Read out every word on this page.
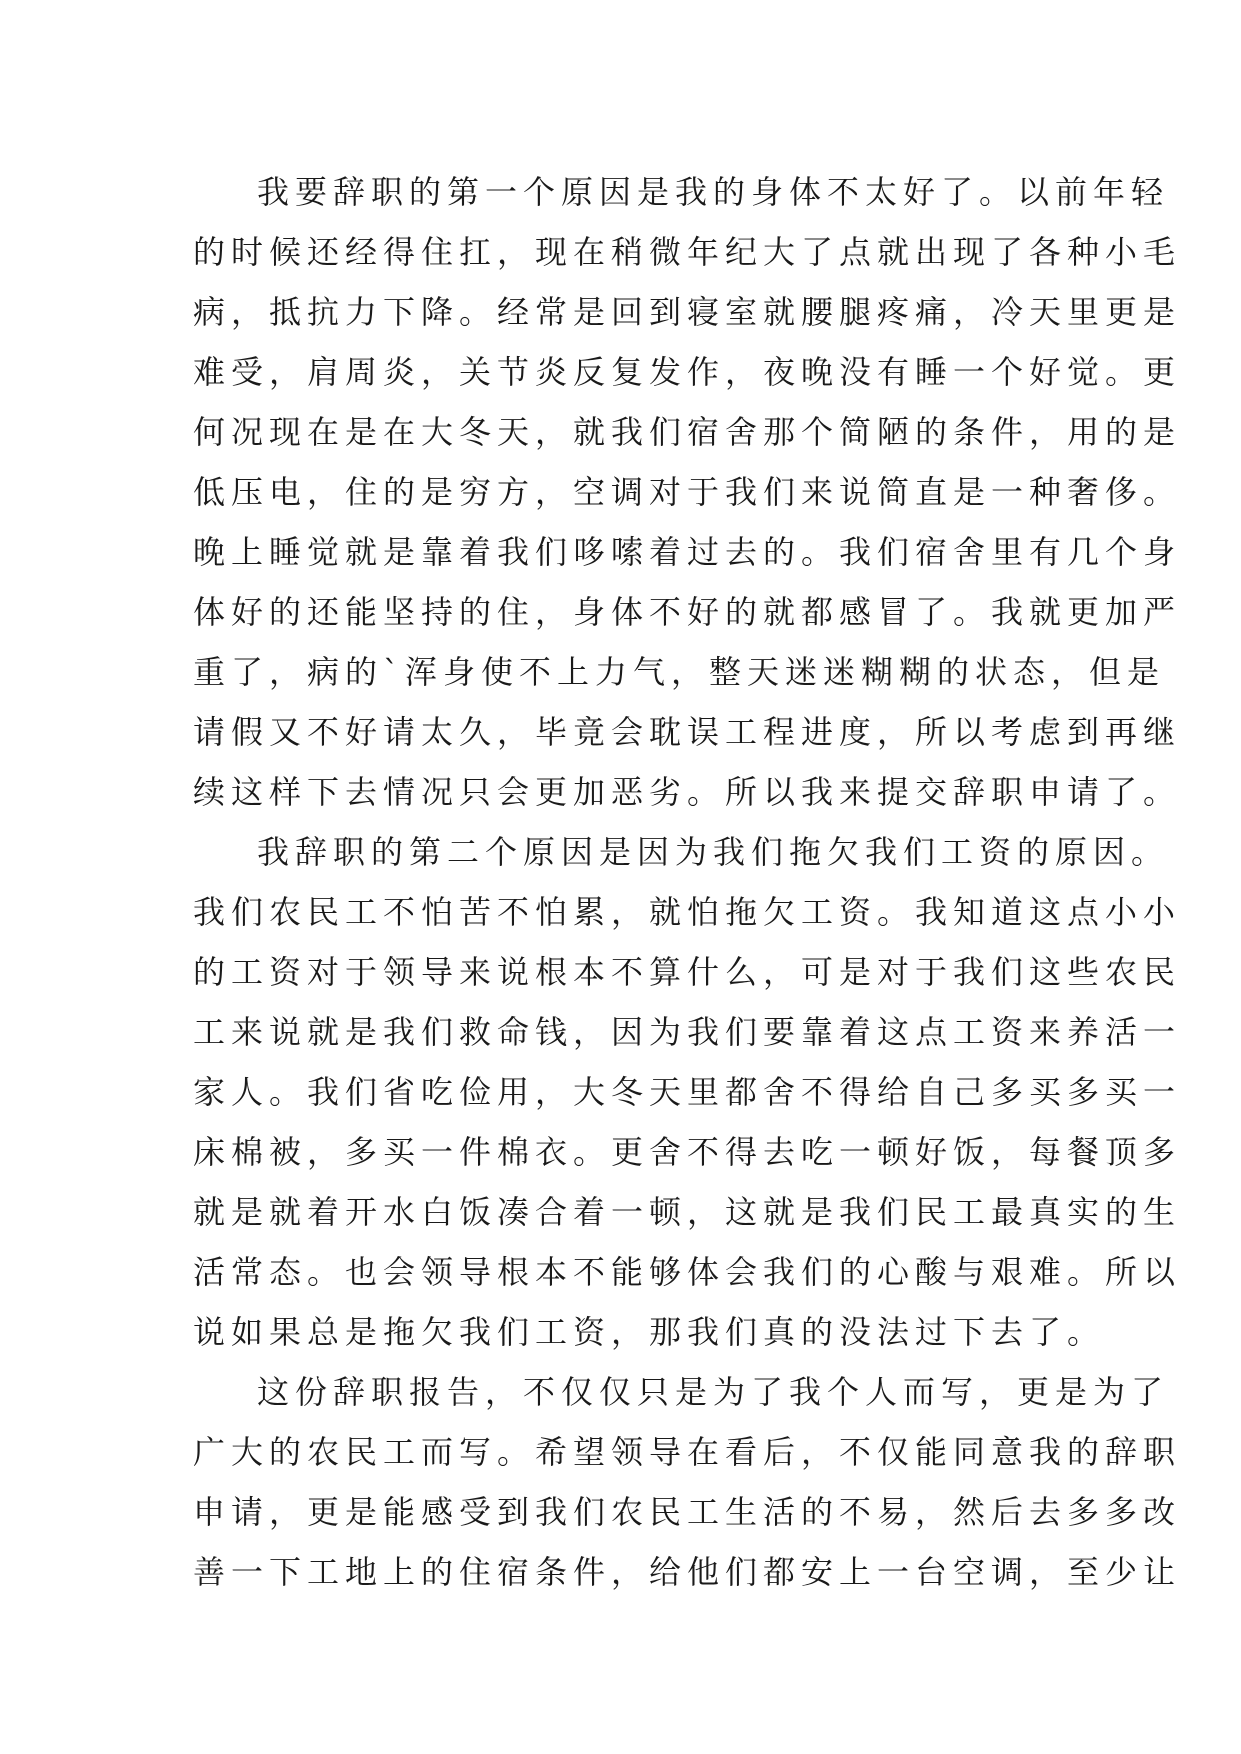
我要辞职的第一个原因是我的身体不太好了。以前年轻
的时候还经得住扛，现在稍微年纪大了点就出现了各种小毛
病，抵抗力下降。经常是回到寝室就腰腿疼痛，冷天里更是
难受，肩周炎，关节炎反复发作，夜晚没有睡一个好觉。更
何况现在是在大冬天，就我们宿舍那个简陋的条件，用的是
低压电，住的是穷方，空调对于我们来说简直是一种奢侈。
晚上睡觉就是靠着我们哆嗦着过去的。我们宿舍里有几个身
体好的还能坚持的住，身体不好的就都感冒了。我就更加严
重了，病的`浑身使不上力气，整天迷迷糊糊的状态，但是
请假又不好请太久，毕竟会耽误工程进度，所以考虑到再继
续这样下去情况只会更加恶劣。所以我来提交辞职申请了。
我辞职的第二个原因是因为我们拖欠我们工资的原因。
我们农民工不怕苦不怕累，就怕拖欠工资。我知道这点小小
的工资对于领导来说根本不算什么，可是对于我们这些农民
工来说就是我们救命钱，因为我们要靠着这点工资来养活一
家人。我们省吃俭用，大冬天里都舍不得给自己多买多买一
床棉被，多买一件棉衣。更舍不得去吃一顿好饭，每餐顶多
就是就着开水白饭凑合着一顿，这就是我们民工最真实的生
活常态。也会领导根本不能够体会我们的心酸与艰难。所以
说如果总是拖欠我们工资，那我们真的没法过下去了。
这份辞职报告，不仅仅只是为了我个人而写，更是为了
广大的农民工而写。希望领导在看后，不仅能同意我的辞职
申请，更是能感受到我们农民工生活的不易，然后去多多改
善一下工地上的住宿条件，给他们都安上一台空调，至少让
